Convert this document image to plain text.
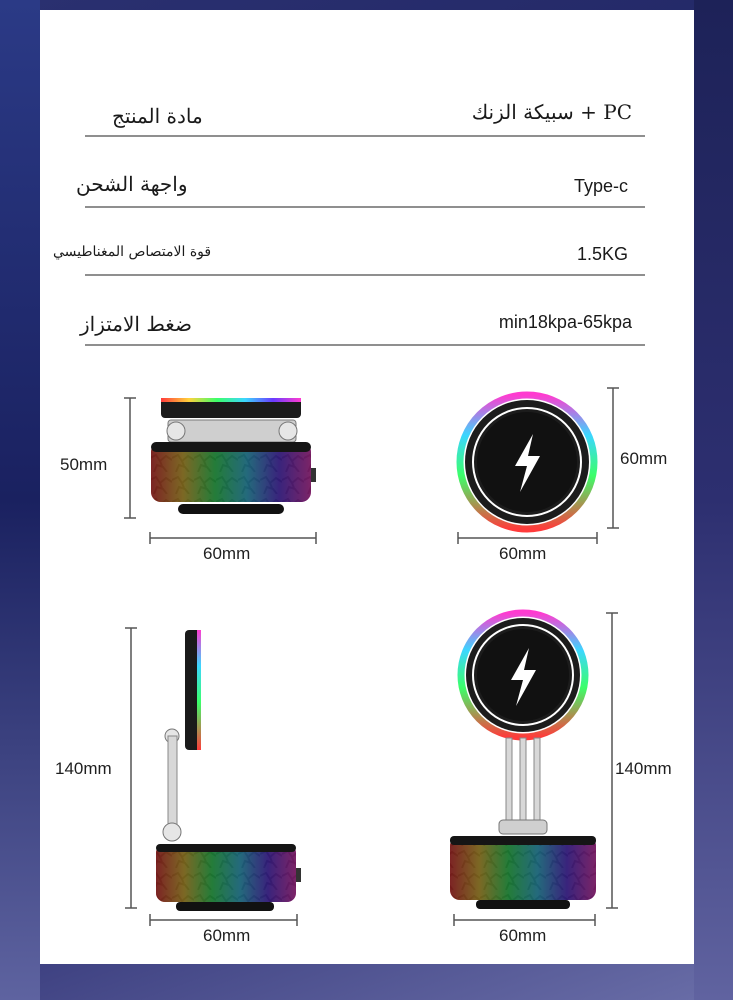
مادة المنتج	سبيكة الزنك + PC
واجهة الشحن	Type-c
قوة الامتصاص المغناطيسي	1.5KG
ضغط الامتزاز	min18kpa-65kpa
50mm
60mm
60mm
60mm
140mm
60mm
140mm
60mm
